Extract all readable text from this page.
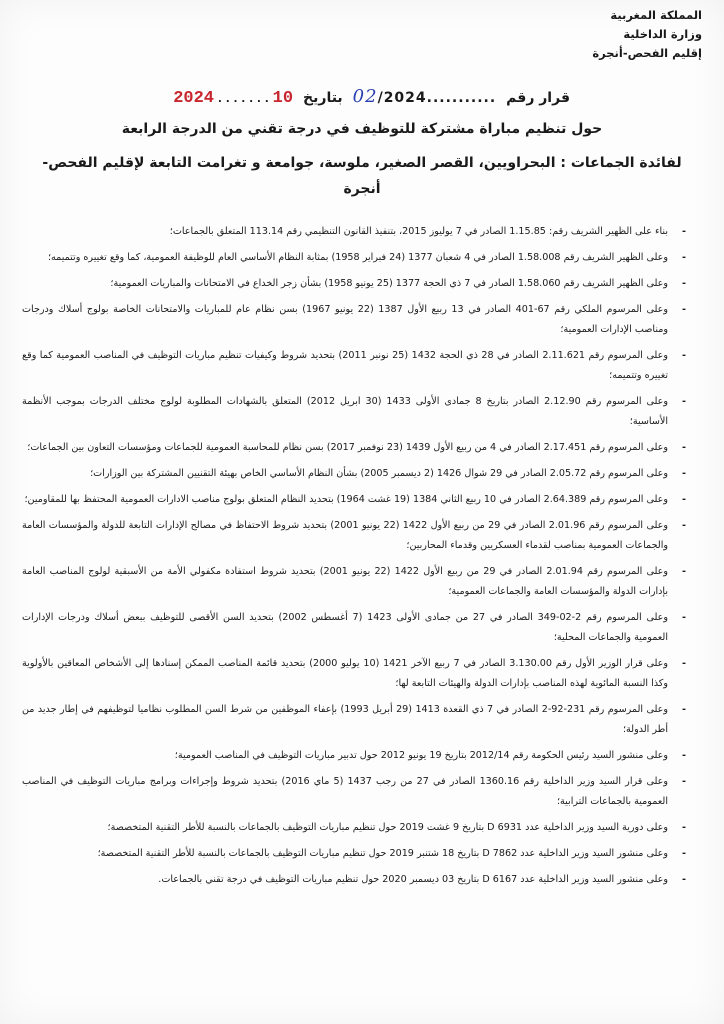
المملكة المغربية
وزارة الداخلية
إقليم الفحص-أنجرة
قرار رقم
...........02/2024
بتاريخ
10
.......
2024
حول تنظيم مباراة مشتركة للتوظيف في درجة تقني من الدرجة الرابعة
لفائدة الجماعات : البحراويين، القصر الصغير، ملوسة، جوامعة و تغرامت التابعة لإقليم الفحص-أنجرة
-
بناء على الظهير الشريف رقم: 1.15.85 الصادر في 7 يوليوز 2015، بتنفيذ القانون التنظيمي رقم 113.14 المتعلق بالجماعات؛
-
وعلى الظهير الشريف رقم 1.58.008 الصادر في 4 شعبان 1377 (24 فبراير 1958) بمثابة النظام الأساسي العام للوظيفة العمومية، كما وقع تغييره وتتميمه؛
-
وعلى الظهير الشريف رقم 1.58.060 الصادر في 7 ذي الحجة 1377 (25 يونيو 1958) بشأن زجر الخداع في الامتحانات والمباريات العمومية؛
-
وعلى المرسوم الملكي رقم 67-401 الصادر في 13 ربيع الأول 1387 (22 يونيو 1967) بسن نظام عام للمباريات والامتحانات الخاصة بولوج أسلاك ودرجات ومناصب الإدارات العمومية؛
-
وعلى المرسوم رقم 2.11.621 الصادر في 28 ذي الحجة 1432 (25 نونبر 2011) بتحديد شروط وكيفيات تنظيم مباريات التوظيف في المناصب العمومية كما وقع تغييره وتتميمه؛
-
وعلى المرسوم رقم 2.12.90 الصادر بتاريخ 8 جمادى الأولى 1433 (30 ابريل 2012) المتعلق بالشهادات المطلوبة لولوج مختلف الدرجات بموجب الأنظمة الأساسية؛
-
وعلى المرسوم رقم 2.17.451 الصادر في 4 من ربيع الأول 1439 (23 نوفمبر 2017) بسن نظام للمحاسبة العمومية للجماعات ومؤسسات التعاون بين الجماعات؛
-
وعلى المرسوم رقم 2.05.72 الصادر في 29 شوال 1426 (2 ديسمبر 2005) بشأن النظام الأساسي الخاص بهيئة التقنيين المشتركة بين الوزارات؛
-
وعلى المرسوم رقم 2.64.389 الصادر في 10 ربيع الثاني 1384 (19 غشت 1964) بتحديد النظام المتعلق بولوج مناصب الادارات العمومية المحتفظ بها للمقاومين؛
-
وعلى المرسوم رقم 2.01.96 الصادر في 29 من ربيع الأول 1422 (22 يونيو 2001) بتحديد شروط الاحتفاظ في مصالح الإدارات التابعة للدولة والمؤسسات العامة والجماعات العمومية بمناصب لقدماء العسكريين وقدماء المحاربين؛
-
وعلى المرسوم رقم 2.01.94 الصادر في 29 من ربيع الأول 1422 (22 يونيو 2001) بتحديد شروط استفادة مكفولي الأمة من الأسبقية لولوج المناصب العامة بإدارات الدولة والمؤسسات العامة والجماعات العمومية؛
-
وعلى المرسوم رقم 2-02-349 الصادر في 27 من جمادى الأولى 1423 (7 أغسطس 2002) بتحديد السن الأقصى للتوظيف ببعض أسلاك ودرجات الإدارات العمومية والجماعات المحلية؛
-
وعلى قرار الوزير الأول رقم 3.130.00 الصادر في 7 ربيع الآخر 1421 (10 يوليو 2000) بتحديد قائمة المناصب الممكن إسنادها إلى الأشخاص المعاقين بالأولوية وكذا النسبة المائوية لهذه المناصب بإدارات الدولة والهيئات التابعة لها؛
-
وعلى المرسوم رقم 231-92-2 الصادر في 7 ذي القعدة 1413 (29 أبريل 1993) بإعفاء الموظفين من شرط السن المطلوب نظاميا لتوظيفهم في إطار جديد من أطر الدولة؛
-
وعلى منشور السيد رئيس الحكومة رقم 2012/14 بتاريخ 19 يونيو 2012 حول تدبير مباريات التوظيف في المناصب العمومية؛
-
وعلى قرار السيد وزير الداخلية رقم 1360.16 الصادر في 27 من رجب 1437 (5 ماي 2016) بتحديد شروط وإجراءات وبرامج مباريات التوظيف في المناصب العمومية بالجماعات الترابية؛
-
وعلى دورية السيد وزير الداخلية عدد D 6931 بتاريخ 9 غشت 2019 حول تنظيم مباريات التوظيف بالجماعات بالنسبة للأطر التقنية المتخصصة؛
-
وعلى منشور السيد وزير الداخلية عدد D 7862 بتاريخ 18 شتنبر 2019 حول تنظيم مباريات التوظيف بالجماعات بالنسبة للأطر التقنية المتخصصة؛
-
وعلى منشور السيد وزير الداخلية عدد D 6167 بتاريخ 03 ديسمبر 2020 حول تنظيم مباريات التوظيف في درجة تقني بالجماعات.
